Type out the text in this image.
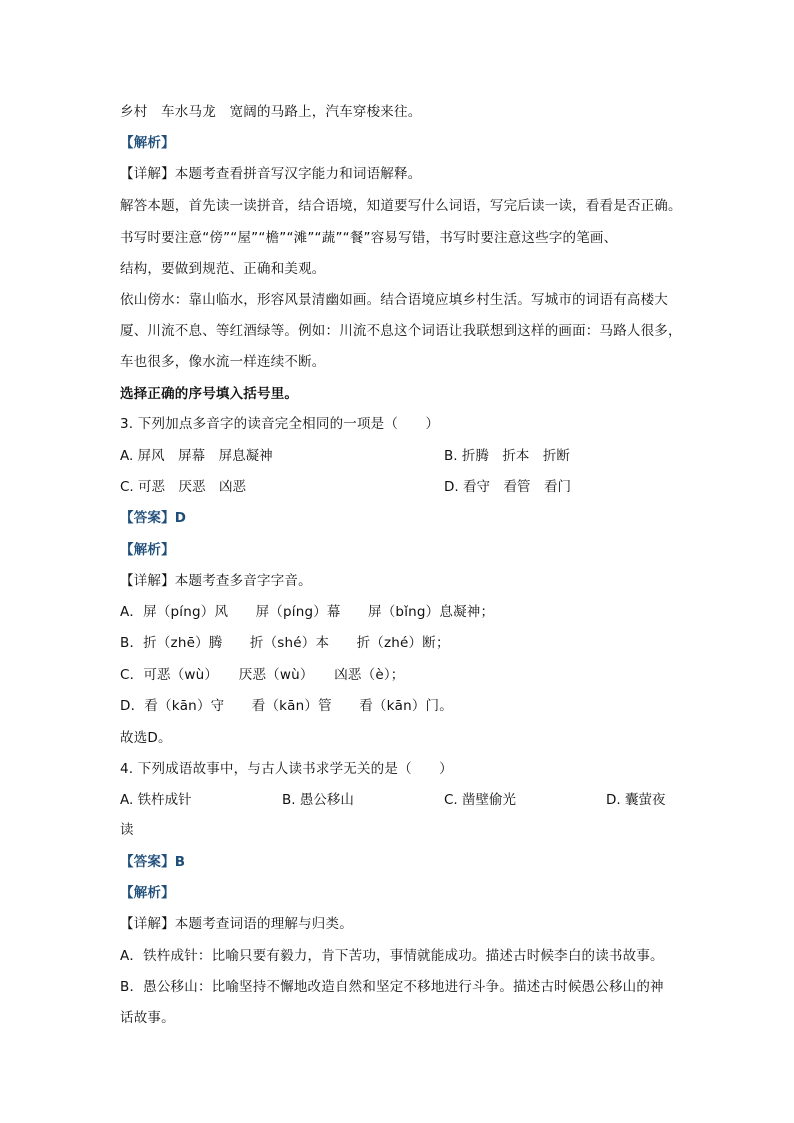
乡村　车水马龙　宽阔的马路上，汽车穿梭来往。
【解析】
【详解】本题考查看拼音写汉字能力和词语解释。
解答本题，首先读一读拼音，结合语境，知道要写什么词语，写完后读一读，看看是否正确。
书写时要注意“傍”“屋”“檐”“滩”“蔬”“餐”容易写错，书写时要注意这些字的笔画、
结构，要做到规范、正确和美观。
依山傍水：靠山临水，形容风景清幽如画。结合语境应填乡村生活。写城市的词语有高楼大
厦、川流不息、等红酒绿等。例如：川流不息这个词语让我联想到这样的画面：马路人很多，
车也很多，像水流一样连续不断。
选择正确的序号填入括号里。
3. 下列加点多音字的读音完全相同的一项是（　　）
A. 屏风　屏幕　屏息凝神	B. 折腾　折本　折断
C. 可恶　厌恶　凶恶	D. 看守　看管　看门
【答案】D
【解析】
【详解】本题考查多音字字音。
A．屏（píng）风　　屏（píng）幕　　屏（bǐng）息凝神；
B．折（zhē）腾　　折（shé）本　　折（zhé）断；
C．可恶（wù）　　厌恶（wù）　　凶恶（è）；
D．看（kān）守　　看（kān）管　　看（kān）门。
故选D。
4. 下列成语故事中，与古人读书求学无关的是（　　）
A. 铁杵成针	B. 愚公移山	C. 凿壁偷光	D. 囊萤夜
读
【答案】B
【解析】
【详解】本题考查词语的理解与归类。
A．铁杵成针：比喻只要有毅力，肯下苦功，事情就能成功。描述古时候李白的读书故事。
B．愚公移山：比喻坚持不懈地改造自然和坚定不移地进行斗争。描述古时候愚公移山的神
话故事。
